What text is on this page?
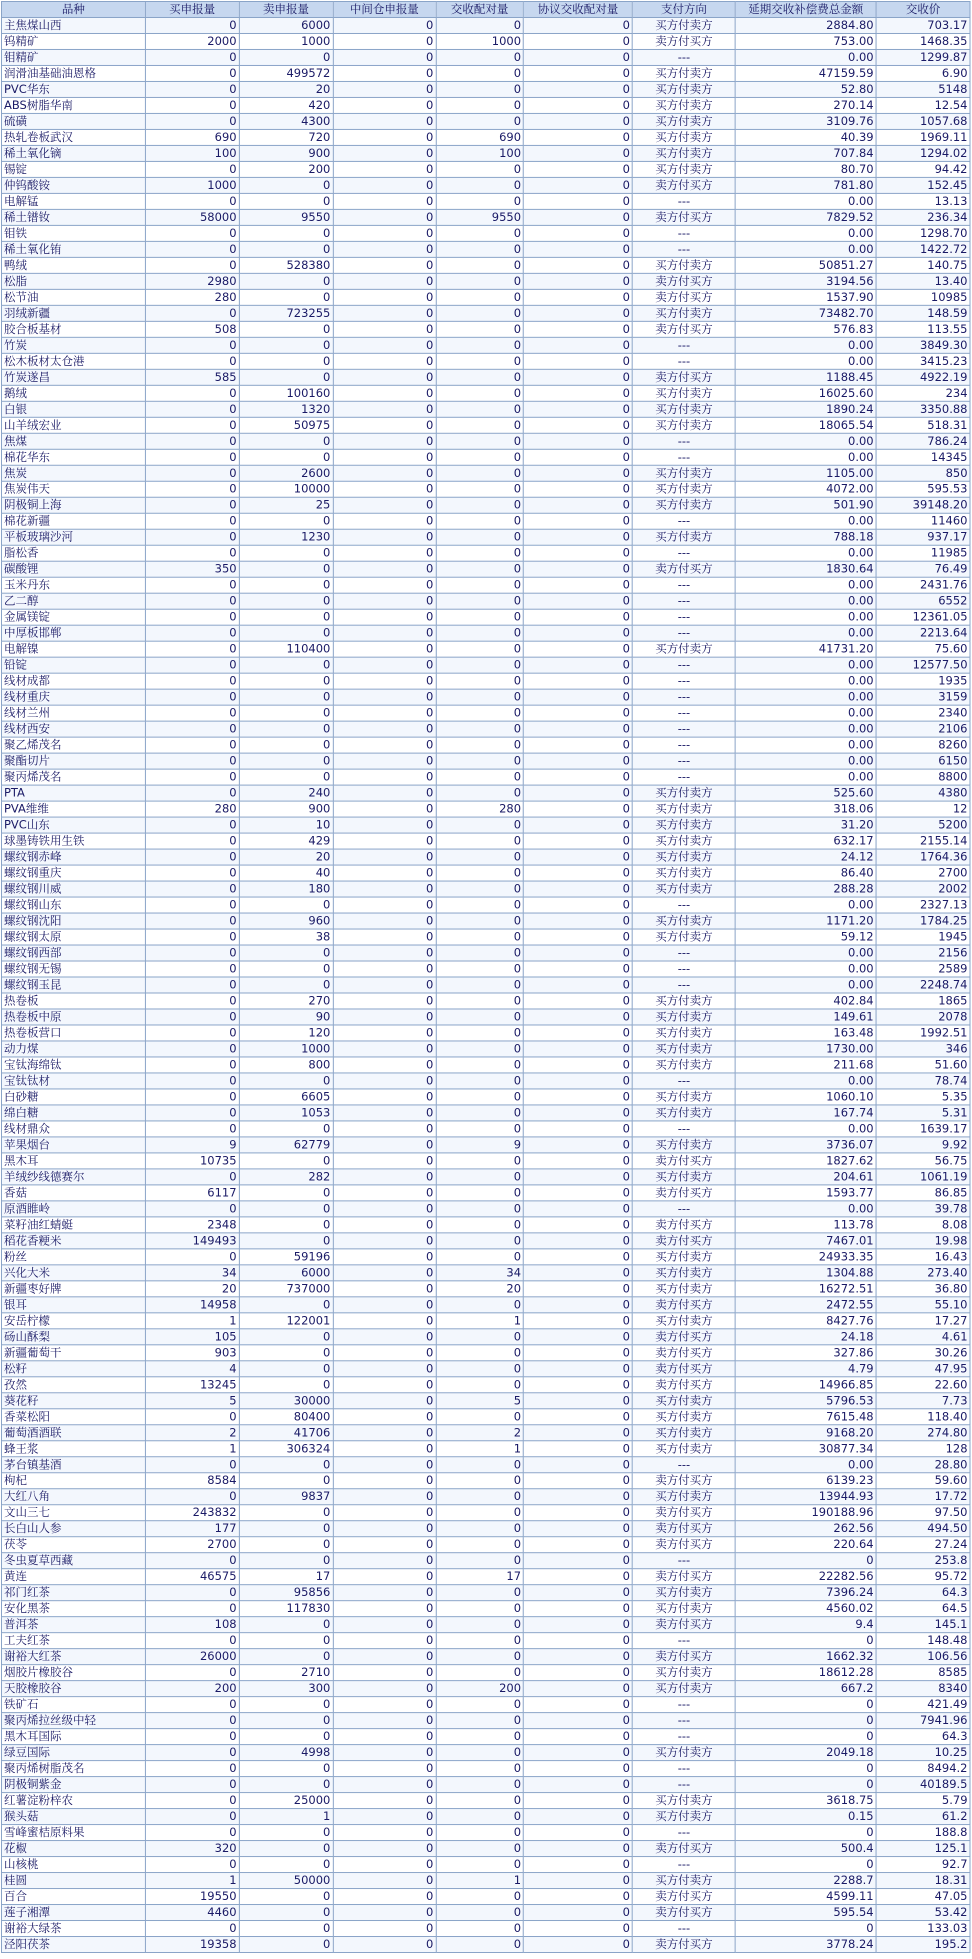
品种	买申报量	卖申报量	中间仓申报量	交收配对量	协议交收配对量	支付方向	延期交收补偿费总金额	交收价
主焦煤山西	0	6000	0	0	0	买方付卖方	2884.80	703.17
钨精矿	2000	1000	0	1000	0	卖方付买方	753.00	1468.35
钼精矿	0	0	0	0	0	---	0.00	1299.87
润滑油基础油恩格	0	499572	0	0	0	买方付卖方	47159.59	6.90
PVC华东	0	20	0	0	0	买方付卖方	52.80	5148
ABS树脂华南	0	420	0	0	0	买方付卖方	270.14	12.54
硫磺	0	4300	0	0	0	买方付卖方	3109.76	1057.68
热轧卷板武汉	690	720	0	690	0	买方付卖方	40.39	1969.11
稀土氧化镝	100	900	0	100	0	买方付卖方	707.84	1294.02
锡锭	0	200	0	0	0	买方付卖方	80.70	94.42
仲钨酸铵	1000	0	0	0	0	卖方付买方	781.80	152.45
电解锰	0	0	0	0	0	---	0.00	13.13
稀土镨钕	58000	9550	0	9550	0	卖方付买方	7829.52	236.34
钼铁	0	0	0	0	0	---	0.00	1298.70
稀土氧化铕	0	0	0	0	0	---	0.00	1422.72
鸭绒	0	528380	0	0	0	买方付卖方	50851.27	140.75
松脂	2980	0	0	0	0	卖方付买方	3194.56	13.40
松节油	280	0	0	0	0	卖方付买方	1537.90	10985
羽绒新疆	0	723255	0	0	0	买方付卖方	73482.70	148.59
胶合板基材	508	0	0	0	0	卖方付买方	576.83	113.55
竹炭	0	0	0	0	0	---	0.00	3849.30
松木板材太仓港	0	0	0	0	0	---	0.00	3415.23
竹炭遂昌	585	0	0	0	0	卖方付买方	1188.45	4922.19
鹅绒	0	100160	0	0	0	买方付卖方	16025.60	234
白银	0	1320	0	0	0	买方付卖方	1890.24	3350.88
山羊绒宏业	0	50975	0	0	0	买方付卖方	18065.54	518.31
焦煤	0	0	0	0	0	---	0.00	786.24
棉花华东	0	0	0	0	0	---	0.00	14345
焦炭	0	2600	0	0	0	买方付卖方	1105.00	850
焦炭伟天	0	10000	0	0	0	买方付卖方	4072.00	595.53
阴极铜上海	0	25	0	0	0	买方付卖方	501.90	39148.20
棉花新疆	0	0	0	0	0	---	0.00	11460
平板玻璃沙河	0	1230	0	0	0	买方付卖方	788.18	937.17
脂松香	0	0	0	0	0	---	0.00	11985
碳酸锂	350	0	0	0	0	卖方付买方	1830.64	76.49
玉米丹东	0	0	0	0	0	---	0.00	2431.76
乙二醇	0	0	0	0	0	---	0.00	6552
金属镁锭	0	0	0	0	0	---	0.00	12361.05
中厚板邯郸	0	0	0	0	0	---	0.00	2213.64
电解镍	0	110400	0	0	0	买方付卖方	41731.20	75.60
铅锭	0	0	0	0	0	---	0.00	12577.50
线材成都	0	0	0	0	0	---	0.00	1935
线材重庆	0	0	0	0	0	---	0.00	3159
线材兰州	0	0	0	0	0	---	0.00	2340
线材西安	0	0	0	0	0	---	0.00	2106
聚乙烯茂名	0	0	0	0	0	---	0.00	8260
聚酯切片	0	0	0	0	0	---	0.00	6150
聚丙烯茂名	0	0	0	0	0	---	0.00	8800
PTA	0	240	0	0	0	买方付卖方	525.60	4380
PVA维维	280	900	0	280	0	买方付卖方	318.06	12
PVC山东	0	10	0	0	0	买方付卖方	31.20	5200
球墨铸铁用生铁	0	429	0	0	0	买方付卖方	632.17	2155.14
螺纹钢赤峰	0	20	0	0	0	买方付卖方	24.12	1764.36
螺纹钢重庆	0	40	0	0	0	买方付卖方	86.40	2700
螺纹钢川威	0	180	0	0	0	买方付卖方	288.28	2002
螺纹钢山东	0	0	0	0	0	---	0.00	2327.13
螺纹钢沈阳	0	960	0	0	0	买方付卖方	1171.20	1784.25
螺纹钢太原	0	38	0	0	0	买方付卖方	59.12	1945
螺纹钢西部	0	0	0	0	0	---	0.00	2156
螺纹钢无锡	0	0	0	0	0	---	0.00	2589
螺纹钢玉昆	0	0	0	0	0	---	0.00	2248.74
热卷板	0	270	0	0	0	买方付卖方	402.84	1865
热卷板中原	0	90	0	0	0	买方付卖方	149.61	2078
热卷板营口	0	120	0	0	0	买方付卖方	163.48	1992.51
动力煤	0	1000	0	0	0	买方付卖方	1730.00	346
宝钛海绵钛	0	800	0	0	0	买方付卖方	211.68	51.60
宝钛钛材	0	0	0	0	0	---	0.00	78.74
白砂糖	0	6605	0	0	0	买方付卖方	1060.10	5.35
绵白糖	0	1053	0	0	0	买方付卖方	167.74	5.31
线材鼎众	0	0	0	0	0	---	0.00	1639.17
苹果烟台	9	62779	0	9	0	买方付卖方	3736.07	9.92
黑木耳	10735	0	0	0	0	卖方付买方	1827.62	56.75
羊绒纱线德赛尔	0	282	0	0	0	买方付卖方	204.61	1061.19
香菇	6117	0	0	0	0	卖方付买方	1593.77	86.85
原酒睢岭	0	0	0	0	0	---	0.00	39.78
菜籽油红蜻蜓	2348	0	0	0	0	卖方付买方	113.78	8.08
稻花香粳米	149493	0	0	0	0	卖方付买方	7467.01	19.98
粉丝	0	59196	0	0	0	买方付卖方	24933.35	16.43
兴化大米	34	6000	0	34	0	买方付卖方	1304.88	273.40
新疆枣好牌	20	737000	0	20	0	买方付卖方	16272.51	36.80
银耳	14958	0	0	0	0	卖方付买方	2472.55	55.10
安岳柠檬	1	122001	0	1	0	买方付卖方	8427.76	17.27
砀山酥梨	105	0	0	0	0	卖方付买方	24.18	4.61
新疆葡萄干	903	0	0	0	0	卖方付买方	327.86	30.26
松籽	4	0	0	0	0	卖方付买方	4.79	47.95
孜然	13245	0	0	0	0	卖方付买方	14966.85	22.60
葵花籽	5	30000	0	5	0	买方付卖方	5796.53	7.73
香菜松阳	0	80400	0	0	0	买方付卖方	7615.48	118.40
葡萄酒酒联	2	41706	0	2	0	买方付卖方	9168.20	274.80
蜂王浆	1	306324	0	1	0	买方付卖方	30877.34	128
茅台镇基酒	0	0	0	0	0	---	0.00	28.80
枸杞	8584	0	0	0	0	卖方付买方	6139.23	59.60
大红八角	0	9837	0	0	0	买方付卖方	13944.93	17.72
文山三七	243832	0	0	0	0	卖方付买方	190188.96	97.50
长白山人参	177	0	0	0	0	卖方付买方	262.56	494.50
茯苓	2700	0	0	0	0	卖方付买方	220.64	27.24
冬虫夏草西藏	0	0	0	0	0	---	0	253.8
黄连	46575	17	0	17	0	卖方付买方	22282.56	95.72
祁门红茶	0	95856	0	0	0	买方付卖方	7396.24	64.3
安化黑茶	0	117830	0	0	0	买方付卖方	4560.02	64.5
普洱茶	108	0	0	0	0	卖方付买方	9.4	145.1
工夫红茶	0	0	0	0	0	---	0	148.48
谢裕大红茶	26000	0	0	0	0	卖方付买方	1662.32	106.56
烟胶片橡胶谷	0	2710	0	0	0	买方付卖方	18612.28	8585
天胶橡胶谷	200	300	0	200	0	买方付卖方	667.2	8340
铁矿石	0	0	0	0	0	---	0	421.49
聚丙烯拉丝级中轻	0	0	0	0	0	---	0	7941.96
黑木耳国际	0	0	0	0	0	---	0	64.3
绿豆国际	0	4998	0	0	0	买方付卖方	2049.18	10.25
聚丙烯树脂茂名	0	0	0	0	0	---	0	8494.2
阴极铜紫金	0	0	0	0	0	---	0	40189.5
红薯淀粉梓农	0	25000	0	0	0	买方付卖方	3618.75	5.79
猴头菇	0	1	0	0	0	买方付卖方	0.15	61.2
雪峰蜜桔原料果	0	0	0	0	0	---	0	188.8
花椒	320	0	0	0	0	卖方付买方	500.4	125.1
山核桃	0	0	0	0	0	---	0	92.7
桂圆	1	50000	0	1	0	买方付卖方	2288.7	18.31
百合	19550	0	0	0	0	卖方付买方	4599.11	47.05
莲子湘潭	4460	0	0	0	0	卖方付买方	595.54	53.42
谢裕大绿茶	0	0	0	0	0	---	0	133.03
泾阳茯茶	19358	0	0	0	0	卖方付买方	3778.24	195.2
